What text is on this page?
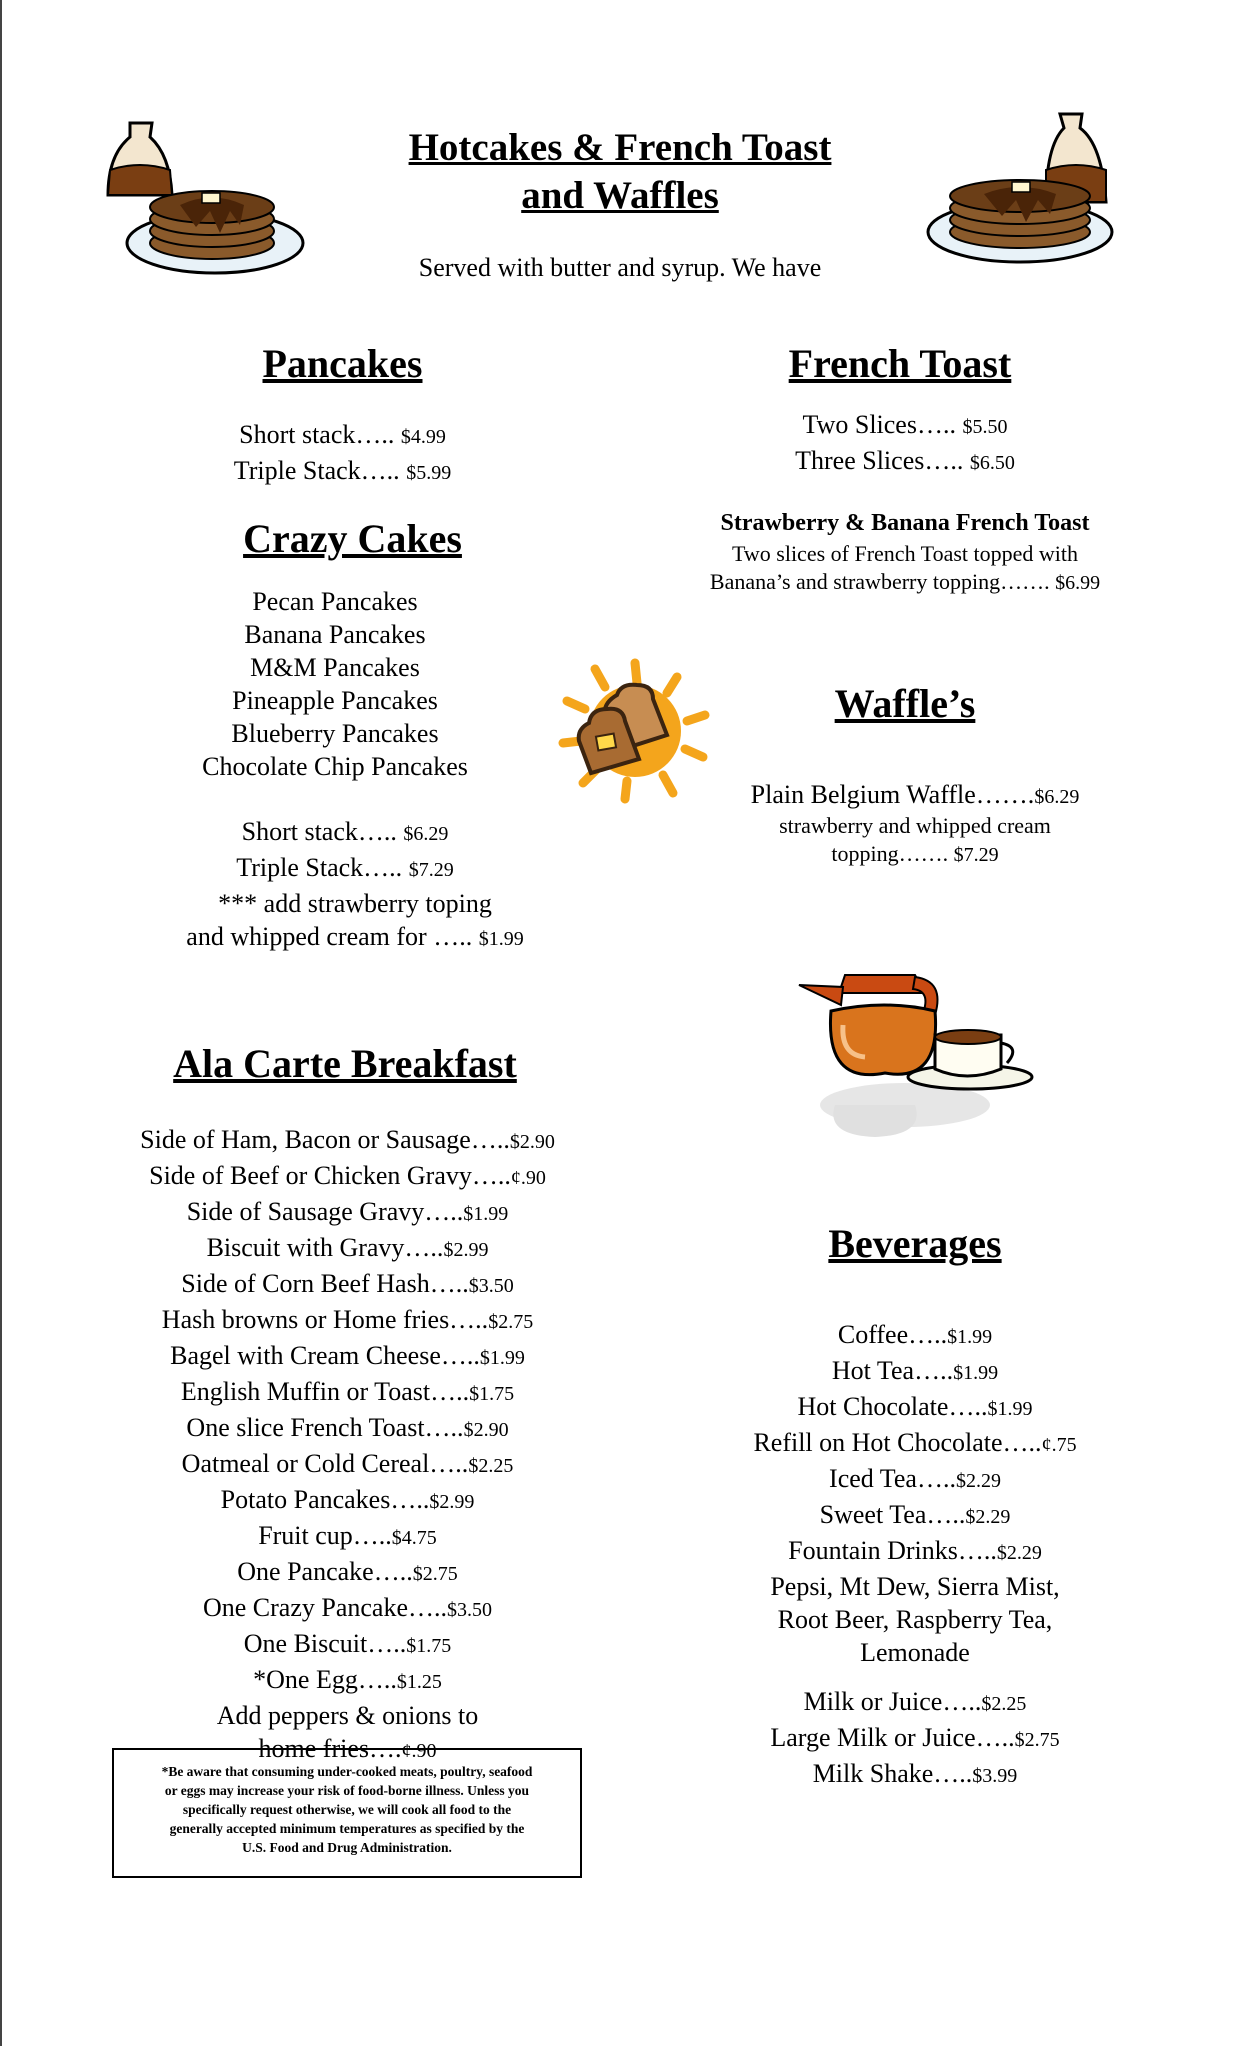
Hotcakes & French Toast
and Waffles
Served with butter and syrup. We have
Pancakes
Short stack….. $4.99
Triple Stack….. $5.99
Crazy Cakes
Pecan Pancakes
Banana Pancakes
M&M Pancakes
Pineapple Pancakes
Blueberry Pancakes
Chocolate Chip Pancakes
Short stack….. $6.29
Triple Stack….. $7.29
*** add strawberry toping
and whipped cream for ….. $1.99
French Toast
Two Slices….. $5.50
Three Slices….. $6.50
Strawberry & Banana French Toast
Two slices of French Toast topped with
Banana’s and strawberry topping……. $6.99
Waffle’s
Plain Belgium Waffle…….$6.29
strawberry and whipped cream
topping……. $7.29
Ala Carte Breakfast
Side of Ham, Bacon or Sausage…..$2.90
Side of Beef or Chicken Gravy…..¢.90
Side of Sausage Gravy…..$1.99
Biscuit with Gravy…..$2.99
Side of Corn Beef Hash…..$3.50
Hash browns or Home fries…..$2.75
Bagel with Cream Cheese…..$1.99
English Muffin or Toast…..$1.75
One slice French Toast…..$2.90
Oatmeal or Cold Cereal…..$2.25
Potato Pancakes…..$2.99
Fruit cup…..$4.75
One Pancake…..$2.75
One Crazy Pancake…..$3.50
One Biscuit…..$1.75
*One Egg…..$1.25
Add peppers & onions to
home fries….¢.90
Beverages
Coffee…..$1.99
Hot Tea…..$1.99
Hot Chocolate…..$1.99
Refill on Hot Chocolate…..¢.75
Iced Tea…..$2.29
Sweet Tea…..$2.29
Fountain Drinks…..$2.29
Pepsi, Mt Dew, Sierra Mist,
Root Beer, Raspberry Tea,
Lemonade
Milk or Juice…..$2.25
Large Milk or Juice…..$2.75
Milk Shake…..$3.99
*Be aware that consuming under-cooked meats, poultry, seafood
or eggs may increase your risk of food-borne illness. Unless you
specifically request otherwise, we will cook all food to the
generally accepted minimum temperatures as specified by the
U.S. Food and Drug Administration.
